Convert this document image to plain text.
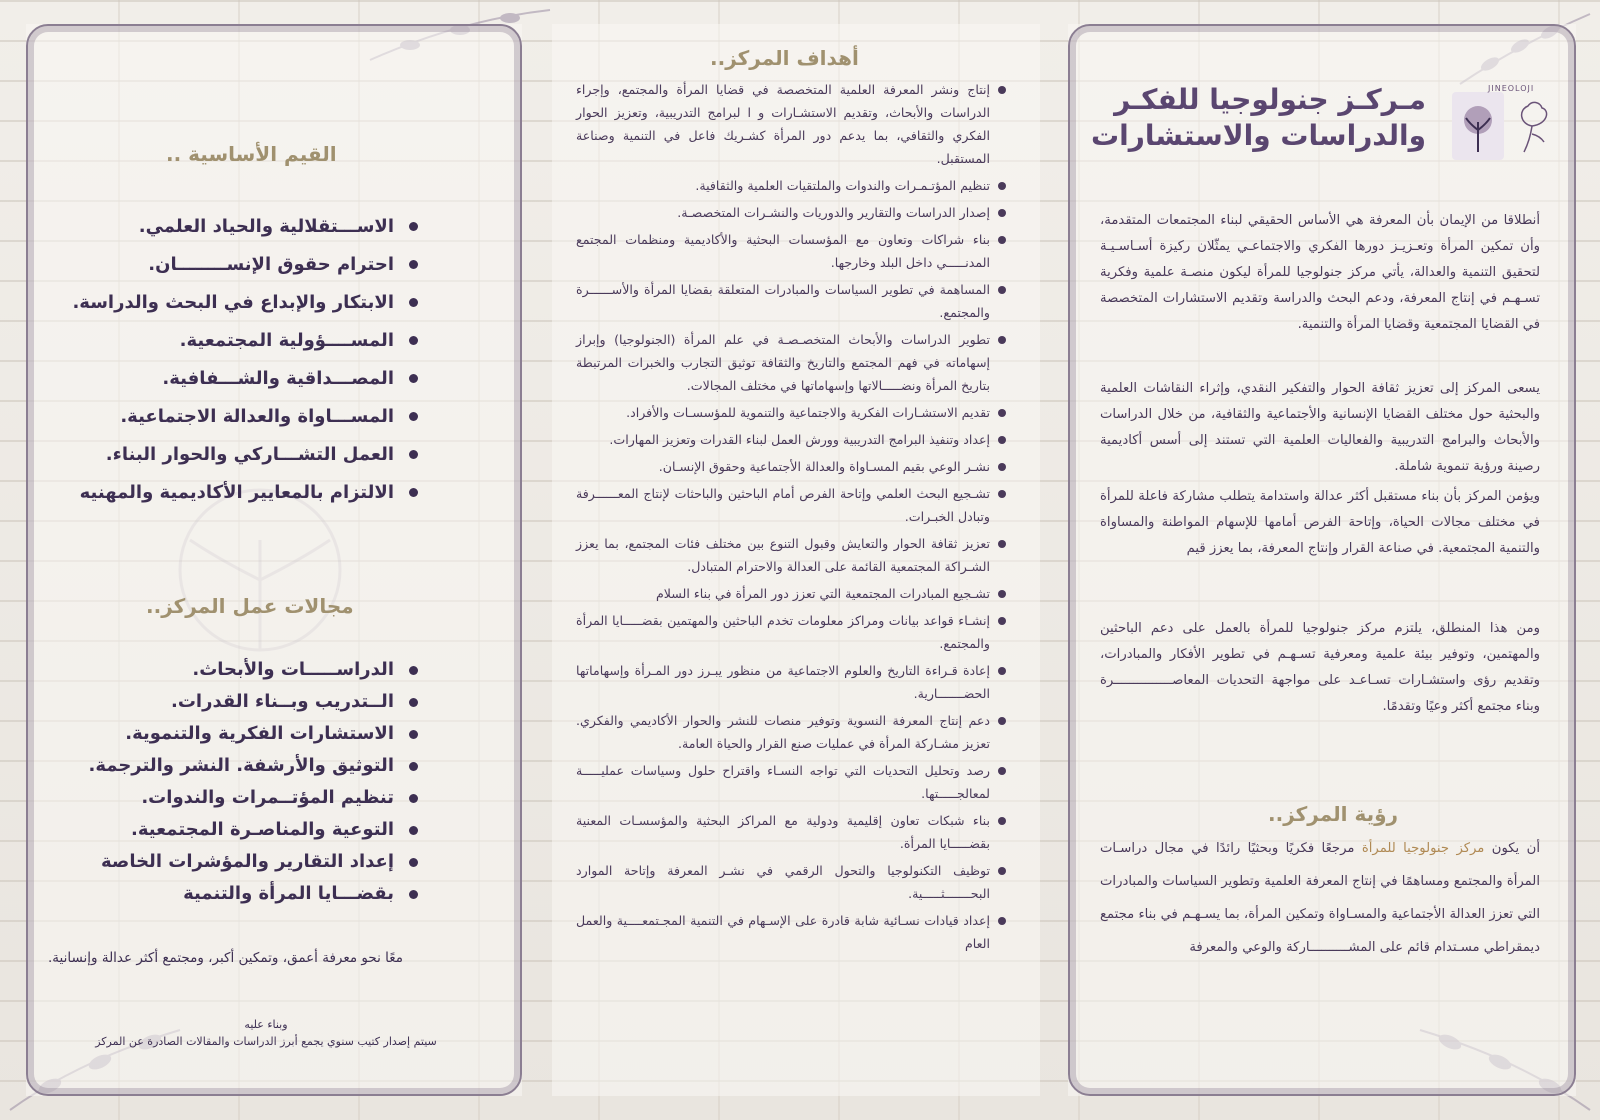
JINEOLOJI
مـركـز جنولوجيا للفكـر
والدراسات والاستشارات
أنطلاقا من الإيمان بأن المعرفة هي الأساس الحقيقي لبناء المجتمعات المتقدمة، وأن تمكين المرأة وتعـزيـز دورها الفكري والاجتماعـي يمثّلان ركيزة أسـاسـيـة لتحقيق التنمية والعدالة، يأتي مركز جنولوجيا للمرأة ليكون منصـة علمية وفكرية تسـهـم في إنتاج المعرفة، ودعم البحث والدراسة وتقديم الاستشارات المتخصصة في القضايا المجتمعية وقضايا المرأة والتنمية.
يسعى المركز إلى تعزيز ثقافة الحوار والتفكير النقدي، وإثراء النقاشات العلمية والبحثية حول مختلف القضايا الإنسانية والأجتماعية والثقافية، من خلال الدراسات والأبحاث والبرامج التدريبية والفعاليات العلمية التي تستند إلى أسس أكاديمية رصينة ورؤية تنموية شاملة.
ويؤمن المركز بأن بناء مستقبل أكثر عدالة واستدامة يتطلب مشاركة فاعلة للمرأة في مختلف مجالات الحياة، وإتاحة الفرص أمامها للإسهام المواطنة والمساواة والتنمية المجتمعية. في صناعة القرار وإنتاج المعرفة، بما يعزز قيم
ومن هذا المنطلق، يلتزم مركز جنولوجيا للمرأة بالعمل على دعم الباحثين والمهتمين، وتوفير بيئة علمية ومعرفية تسـهـم في تطوير الأفكار والمبادرات، وتقديم رؤى واستشـارات تسـاعـد على مواجهة التحديات المعاصـــــــــــــــرة وبناء مجتمع أكثر وعيًا وتقدمًا.
رؤية المركز..
أن يكون مركز جنولوجيا للمرأة مرجعًا فكريًا وبحثيًا رائدًا في مجال دراسـات المرأة والمجتمع ومساهمًا في إنتاج المعرفة العلمية وتطوير السياسات والمبادرات التي تعزز العدالة الأجتماعية والمسـاواة وتمكين المرأة، بما يسـهـم في بناء مجتمع ديمقراطي مسـتدام قائم على المشــــــــــاركة والوعي والمعرفة
أهداف المركز..
إنتاج ونشر المعرفة العلمية المتخصصة في قضايا المرأة والمجتمع، وإجراء الدراسات والأبحاث، وتقديم الاستشـارات و ا لبرامج التدريبية، وتعزيز الحوار الفكري والثقافي، بما يدعم دور المرأة كشـريك فاعل في التنمية وصناعة المستقبل.
تنظيم المؤتـمـرات والندوات والملتقيات العلمية والثقافية.
إصدار الدراسات والتقارير والدوريات والنشـرات المتخصصـة.
بناء شراكات وتعاون مع المؤسسات البحثية والأكاديمية ومنظمات المجتمع المدنـــــي داخل البلد وخارجها.
المساهمة في تطوير السياسات والمبادرات المتعلقة بقضايا المرأة والأســــــرة والمجتمع.
تطوير الدراسات والأبحاث المتخصـصـة في علم المرأة (الجنولوجيا) وإبراز إسهاماته في فهم المجتمع والتاريخ والثقافة توثيق التجارب والخبرات المرتبطة بتاريخ المرأة ونضـــــالاتها وإسهاماتها في مختلف المجالات.
تقديم الاستشـارات الفكرية والاجتماعية والتنموية للمؤسسـات والأفراد.
إعداد وتنفيذ البرامج التدريبية وورش العمل لبناء القدرات وتعزيز المهارات.
نشـر الوعي بقيم المسـاواة والعدالة الأجتماعية وحقوق الإنسـان.
تشـجيع البحث العلمي وإتاحة الفرص أمام الباحثين والباحثات لإنتاج المعــــــرفة وتبادل الخبـرات.
تعزيز ثقافة الحوار والتعايش وقبول التنوع بين مختلف فئات المجتمع، بما يعزز الشـراكة المجتمعية القائمة على العدالة والاحترام المتبادل.
تشـجيع المبادرات المجتمعية التي تعزز دور المرأة في بناء السلام
إنشـاء قواعد بيانات ومراكز معلومات تخدم الباحثين والمهتمين بقضـــــايا المرأة والمجتمع.
إعادة قـراءة التاريخ والعلوم الاجتماعية من منظور يبـرز دور المـرأة وإسهاماتها الحضـــــــارية.
دعم إنتاج المعرفة النسوية وتوفير منصات للنشر والحوار الأكاديمي والفكري. تعزيز مشـاركة المرأة في عمليات صنع القرار والحياة العامة.
رصد وتحليل التحديات التي تواجه النسـاء واقتراح حلول وسياسات عمليـــــة لمعالجـــــتها.
بناء شبكات تعاون إقليمية ودولية مع المراكز البحثية والمؤسسـات المعنية بقضـــــايا المرأة.
توظيف التكنولوجيا والتحول الرقمي في نشـر المعرفة وإتاحة الموارد البحـــــــثـــــية.
إعداد قيادات نسـائية شابة قادرة على الإسـهام في التنمية المجـتمعــــية والعمل العام
القيم الأساسية ..
الاســـتقلالية والحياد العلمي.
احترام حقوق الإنســــــــان.
الابتكار والإبداع في البحث والدراسة.
المســــؤولية المجتمعية.
المصـــداقية والشـــفافية.
المســـاواة والعدالة الاجتماعية.
العمل التشـــاركي والحوار البناء.
الالتزام بالمعايير الأكاديمية والمهنيه
مجالات عمل المركز..
الدراســـــات والأبحاث.
الــتدريب وبــناء القدرات.
الاستشارات الفكرية والتنموية.
التوثيق والأرشفة. النشر والترجمة.
تنظيم المؤتــمرات والندوات.
التوعية والمناصـرة المجتمعية.
إعداد التقارير والمؤشرات الخاصة
بقضـــايا المرأة والتنمية
معًا نحو معرفة أعمق، وتمكين أكبر، ومجتمع أكثر عدالة وإنسانية.
وبناء عليه
سيتم إصدار كتيب سنوي يجمع أبرز الدراسات والمقالات الصادرة عن المركز
